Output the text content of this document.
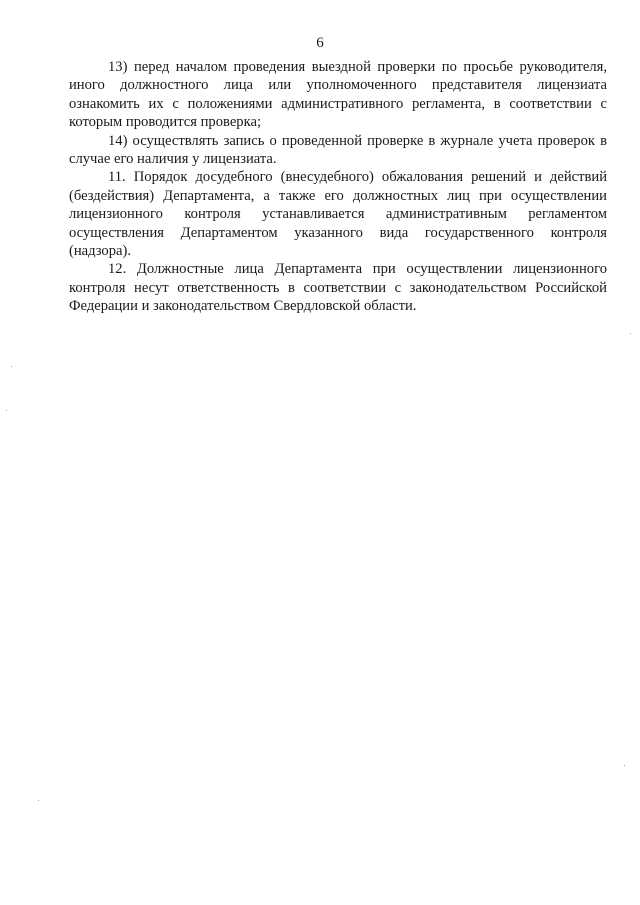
6

13) перед началом проведения выездной проверки по просьбе руководителя, иного должностного лица или уполномоченного представителя лицензиата ознакомить их с положениями административного регламента, в соответствии с которым проводится проверка;

14) осуществлять запись о проведенной проверке в журнале учета проверок в случае его наличия у лицензиата.

11. Порядок досудебного (внесудебного) обжалования решений и действий (бездействия) Департамента, а также его должностных лиц при осуществлении лицензионного контроля устанавливается административным регламентом осуществления Департаментом указанного вида государственного контроля (надзора).

12. Должностные лица Департамента при осуществлении лицензионного контроля несут ответственность в соответствии с законодательством Российской Федерации и законодательством Свердловской области.
